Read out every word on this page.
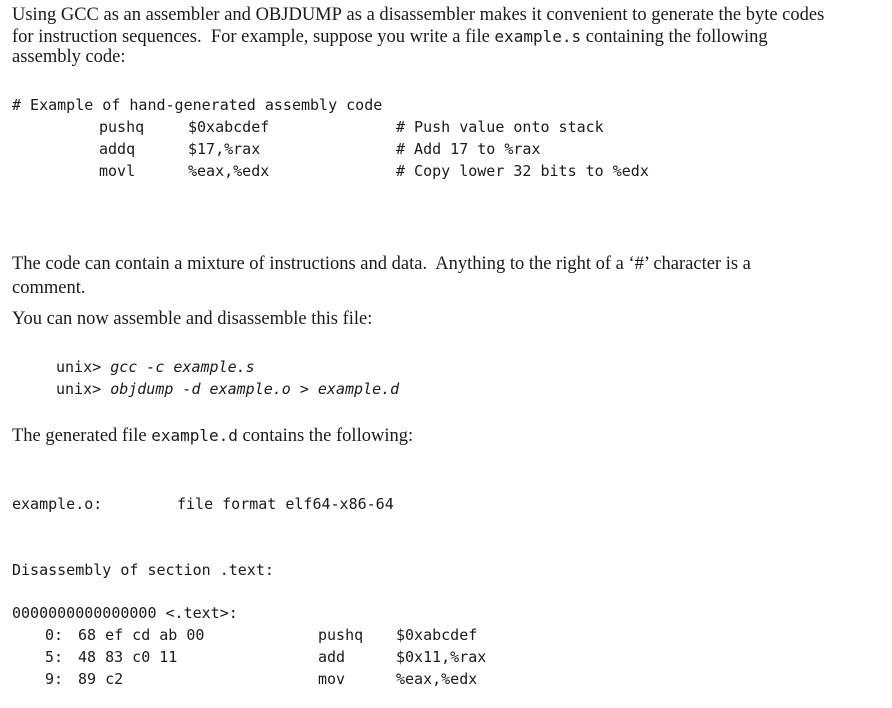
Using GCC as an assembler and OBJDUMP as a disassembler makes it convenient to generate the byte codes
for instruction sequences.  For example, suppose you write a file example.s containing the following
assembly code:
# Example of hand-generated assembly code
pushq	$0xabcdef	# Push value onto stack
addq	$17,%rax	# Add 17 to %rax
movl	%eax,%edx	# Copy lower 32 bits to %edx
The code can contain a mixture of instructions and data.  Anything to the right of a ‘#’ character is a
comment.
You can now assemble and disassemble this file:
unix> gcc -c example.s
unix> objdump -d example.o > example.d
The generated file example.d contains the following:
example.o:	file format elf64-x86-64
Disassembly of section .text:
0000000000000000 <.text>:
0: 68 ef cd ab 00	pushq $0xabcdef
5: 48 83 c0 11	add	$0x11,%rax
9: 89 c2	mov	%eax,%edx
